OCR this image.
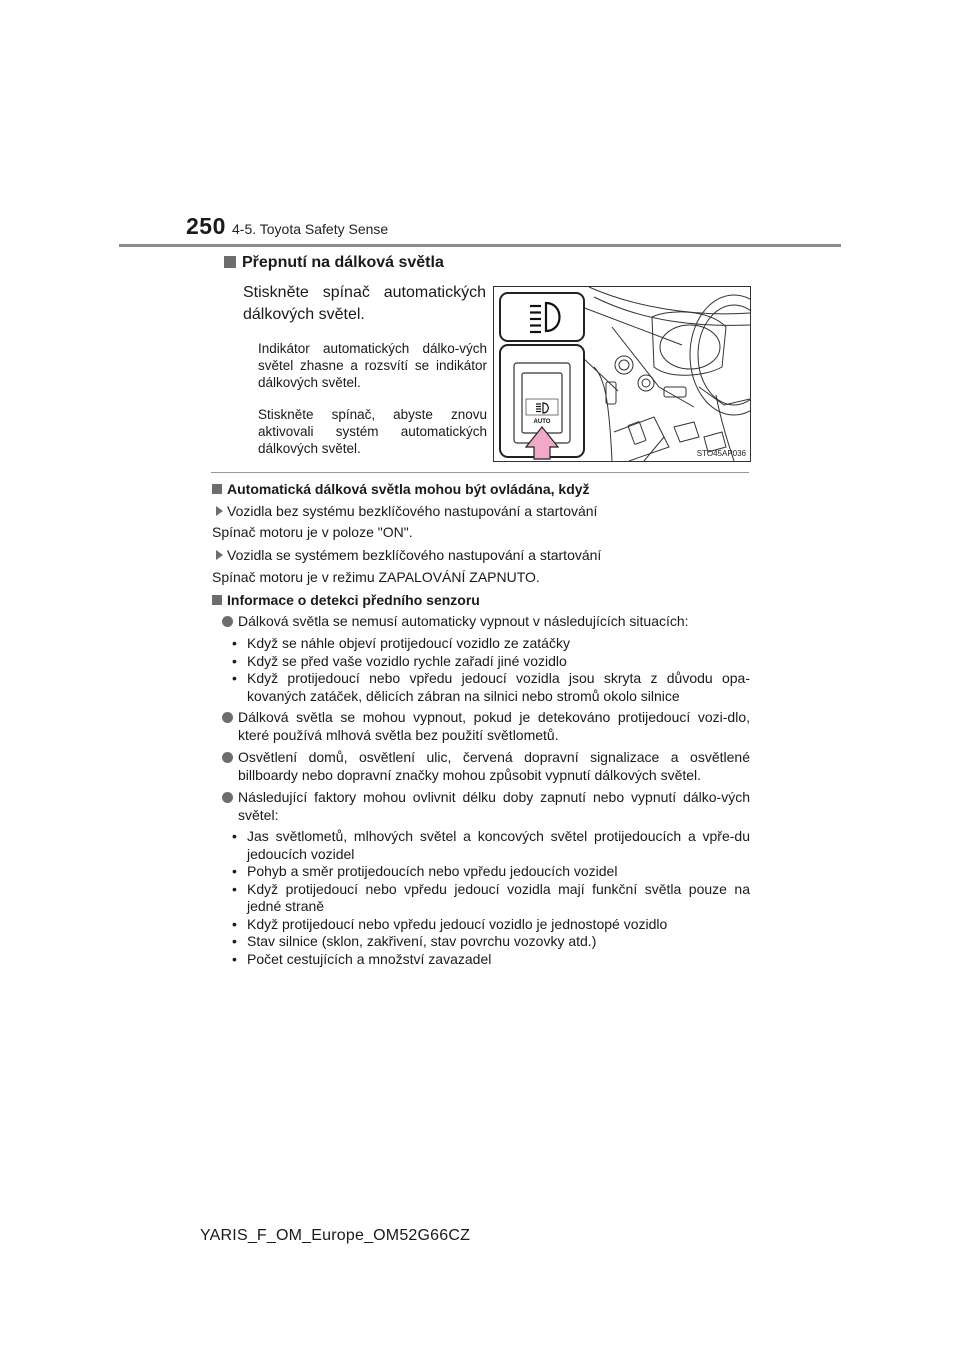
250 4-5. Toyota Safety Sense
Přepnutí na dálková světla
Stiskněte spínač automatických dálkových světel.
Indikátor automatických dálko-vých světel zhasne a rozsvítí se indikátor dálkových světel.
Stiskněte spínač, abyste znovu aktivovali systém automatických dálkových světel.
AUTO
STO45AP036
Automatická dálková světla mohou být ovládána, když
Vozidla bez systému bezklíčového nastupování a startování
Spínač motoru je v poloze "ON".
Vozidla se systémem bezklíčového nastupování a startování
Spínač motoru je v režimu ZAPALOVÁNÍ ZAPNUTO.
Informace o detekci předního senzoru
Dálková světla se nemusí automaticky vypnout v následujících situacích:
• Když se náhle objeví protijedoucí vozidlo ze zatáčky
• Když se před vaše vozidlo rychle zařadí jiné vozidlo
• Když protijedoucí nebo vpředu jedoucí vozidla jsou skryta z důvodu opa-kovaných zatáček, dělicích zábran na silnici nebo stromů okolo silnice
Dálková světla se mohou vypnout, pokud je detekováno protijedoucí vozi-dlo, které používá mlhová světla bez použití světlometů.
Osvětlení domů, osvětlení ulic, červená dopravní signalizace a osvětlené billboardy nebo dopravní značky mohou způsobit vypnutí dálkových světel.
Následující faktory mohou ovlivnit délku doby zapnutí nebo vypnutí dálko-vých světel:
• Jas světlometů, mlhových světel a koncových světel protijedoucích a vpře-du jedoucích vozidel
• Pohyb a směr protijedoucích nebo vpředu jedoucích vozidel
• Když protijedoucí nebo vpředu jedoucí vozidla mají funkční světla pouze na jedné straně
• Když protijedoucí nebo vpředu jedoucí vozidlo je jednostopé vozidlo
• Stav silnice (sklon, zakřivení, stav povrchu vozovky atd.)
• Počet cestujících a množství zavazadel
YARIS_F_OM_Europe_OM52G66CZ
